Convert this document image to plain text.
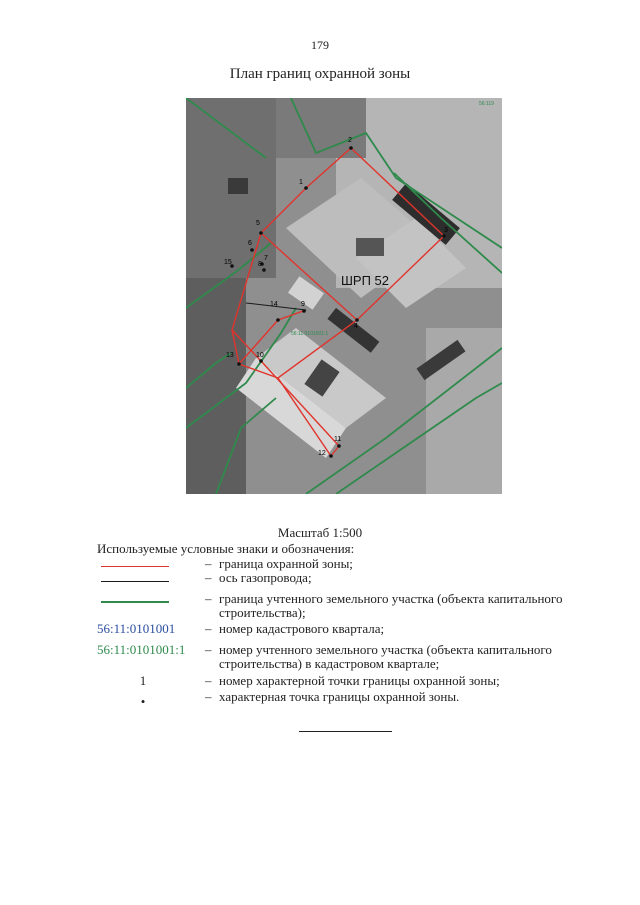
179
План границ охранной зоны
1
2
3
4
5
6
7
8
9
10
11
12
13
14
15
ШРП 52
56:11:0101001:1
56:119
Масштаб 1:500
Используемые условные знаки и обозначения:
– граница охранной зоны;
– ось газопровода;
– граница учтенного земельного участка (объекта капитального строительства);
56:11:0101001	– номер кадастрового квартала;
56:11:0101001:1	– номер учтенного земельного участка (объекта капитального строительства) в кадастровом квартале;
1	– номер характерной точки границы охранной зоны;
•	– характерная точка границы охранной зоны.
